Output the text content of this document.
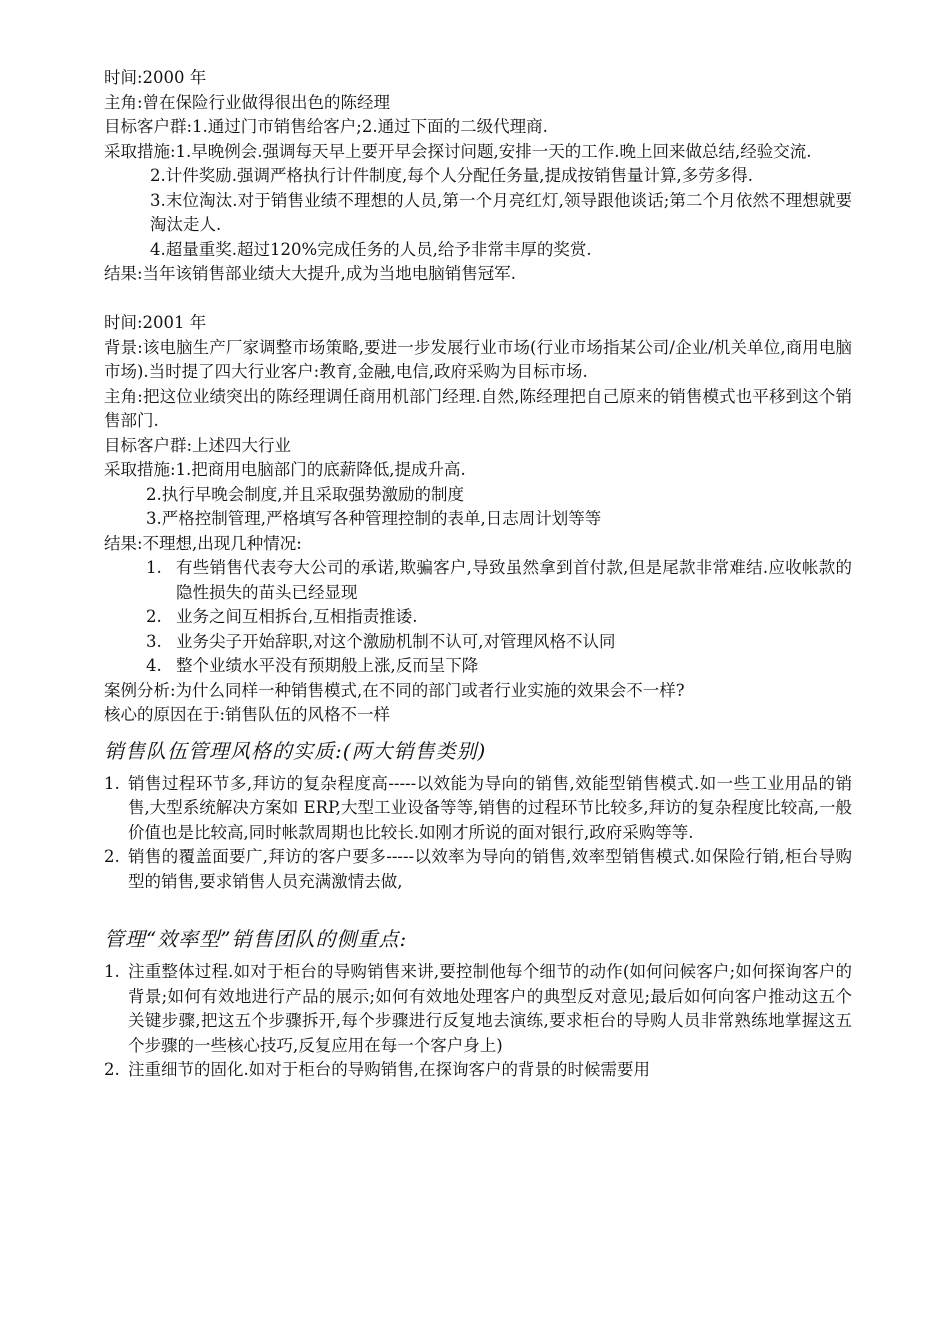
时间:2000 年

主角:曾在保险行业做得很出色的陈经理

目标客户群:1.通过门市销售给客户;2.通过下面的二级代理商.

采取措施:1.早晚例会.强调每天早上要开早会探讨问题,安排一天的工作.晚上回来做总结,经验交流.

2.计件奖励.强调严格执行计件制度,每个人分配任务量,提成按销售量计算,多劳多得.

3.末位淘汰.对于销售业绩不理想的人员,第一个月亮红灯,领导跟他谈话;第二个月依然不理想就要淘汰走人.

4.超量重奖.超过120%完成任务的人员,给予非常丰厚的奖赏.

结果:当年该销售部业绩大大提升,成为当地电脑销售冠军.

时间:2001 年

背景:该电脑生产厂家调整市场策略,要进一步发展行业市场(行业市场指某公司/企业/机关单位,商用电脑市场).当时提了四大行业客户:教育,金融,电信,政府采购为目标市场.

主角:把这位业绩突出的陈经理调任商用机部门经理.自然,陈经理把自己原来的销售模式也平移到这个销售部门.

目标客户群:上述四大行业

采取措施:1.把商用电脑部门的底薪降低,提成升高.

2.执行早晚会制度,并且采取强势激励的制度

3.严格控制管理,严格填写各种管理控制的表单,日志周计划等等

结果:不理想,出现几种情况:

1. 有些销售代表夸大公司的承诺,欺骗客户,导致虽然拿到首付款,但是尾款非常难结.应收帐款的隐性损失的苗头已经显现
2. 业务之间互相拆台,互相指责推诿.
3. 业务尖子开始辞职,对这个激励机制不认可,对管理风格不认同
4. 整个业绩水平没有预期般上涨,反而呈下降

案例分析:为什么同样一种销售模式,在不同的部门或者行业实施的效果会不一样?

核心的原因在于:销售队伍的风格不一样

销售队伍管理风格的实质:(两大销售类别)

1. 销售过程环节多,拜访的复杂程度高-----以效能为导向的销售,效能型销售模式.如一些工业用品的销售,大型系统解决方案如 ERP,大型工业设备等等,销售的过程环节比较多,拜访的复杂程度比较高,一般价值也是比较高,同时帐款周期也比较长.如刚才所说的面对银行,政府采购等等.
2. 销售的覆盖面要广,拜访的客户要多-----以效率为导向的销售,效率型销售模式.如保险行销,柜台导购型的销售,要求销售人员充满激情去做,

管理“效率型”销售团队的侧重点:

1. 注重整体过程.如对于柜台的导购销售来讲,要控制他每个细节的动作(如何问候客户;如何探询客户的背景;如何有效地进行产品的展示;如何有效地处理客户的典型反对意见;最后如何向客户推动这五个关键步骤,把这五个步骤拆开,每个步骤进行反复地去演练,要求柜台的导购人员非常熟练地掌握这五个步骤的一些核心技巧,反复应用在每一个客户身上)
2. 注重细节的固化.如对于柜台的导购销售,在探询客户的背景的时候需要用
